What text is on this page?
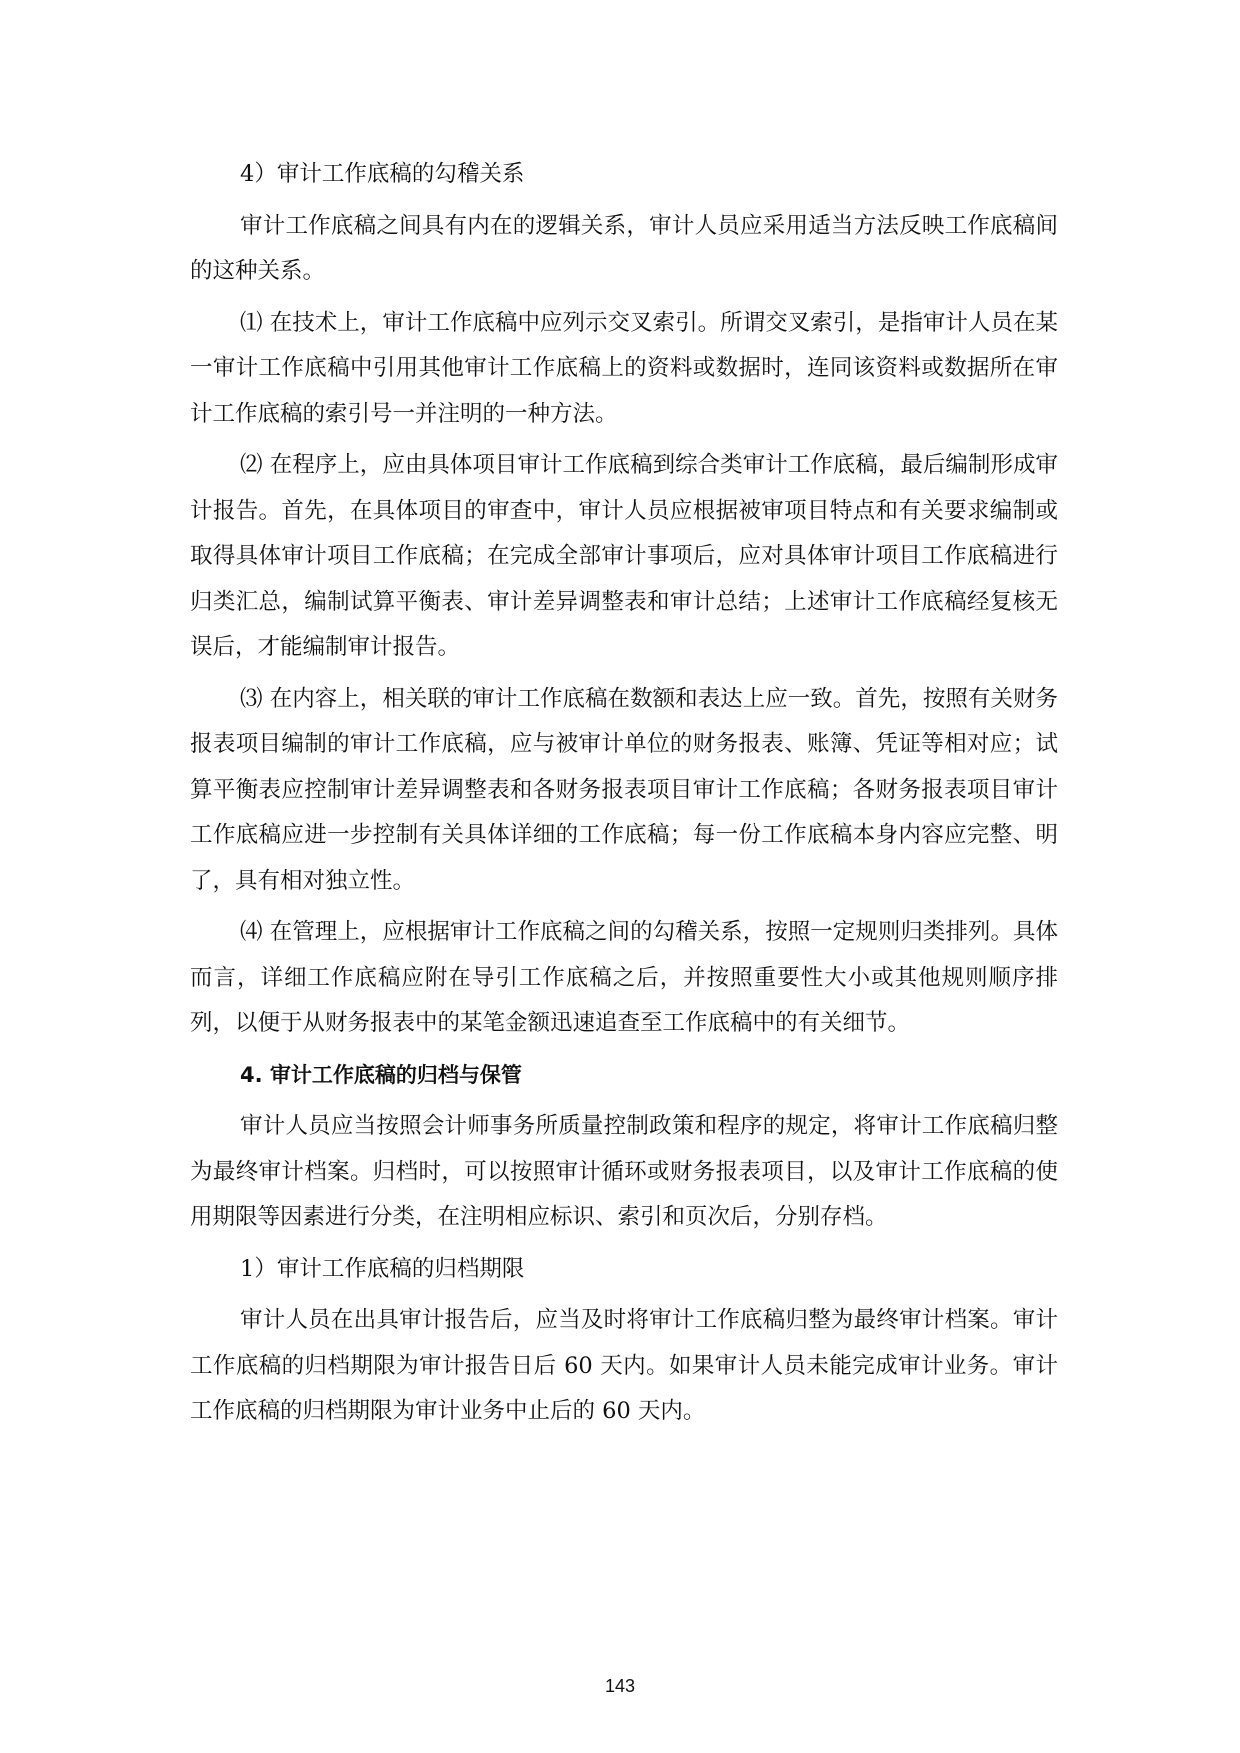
4）审计工作底稿的勾稽关系

审计工作底稿之间具有内在的逻辑关系，审计人员应采用适当方法反映工作底稿间的这种关系。

⑴ 在技术上，审计工作底稿中应列示交叉索引。所谓交叉索引，是指审计人员在某一审计工作底稿中引用其他审计工作底稿上的资料或数据时，连同该资料或数据所在审计工作底稿的索引号一并注明的一种方法。

⑵ 在程序上，应由具体项目审计工作底稿到综合类审计工作底稿，最后编制形成审计报告。首先，在具体项目的审查中，审计人员应根据被审项目特点和有关要求编制或取得具体审计项目工作底稿；在完成全部审计事项后，应对具体审计项目工作底稿进行归类汇总，编制试算平衡表、审计差异调整表和审计总结；上述审计工作底稿经复核无误后，才能编制审计报告。

⑶ 在内容上，相关联的审计工作底稿在数额和表达上应一致。首先，按照有关财务报表项目编制的审计工作底稿，应与被审计单位的财务报表、账簿、凭证等相对应；试算平衡表应控制审计差异调整表和各财务报表项目审计工作底稿；各财务报表项目审计工作底稿应进一步控制有关具体详细的工作底稿；每一份工作底稿本身内容应完整、明了，具有相对独立性。

⑷ 在管理上，应根据审计工作底稿之间的勾稽关系，按照一定规则归类排列。具体而言，详细工作底稿应附在导引工作底稿之后，并按照重要性大小或其他规则顺序排列，以便于从财务报表中的某笔金额迅速追查至工作底稿中的有关细节。

4. 审计工作底稿的归档与保管

审计人员应当按照会计师事务所质量控制政策和程序的规定，将审计工作底稿归整为最终审计档案。归档时，可以按照审计循环或财务报表项目，以及审计工作底稿的使用期限等因素进行分类，在注明相应标识、索引和页次后，分别存档。

1）审计工作底稿的归档期限

审计人员在出具审计报告后，应当及时将审计工作底稿归整为最终审计档案。审计工作底稿的归档期限为审计报告日后 60 天内。如果审计人员未能完成审计业务。审计工作底稿的归档期限为审计业务中止后的 60 天内。

143
